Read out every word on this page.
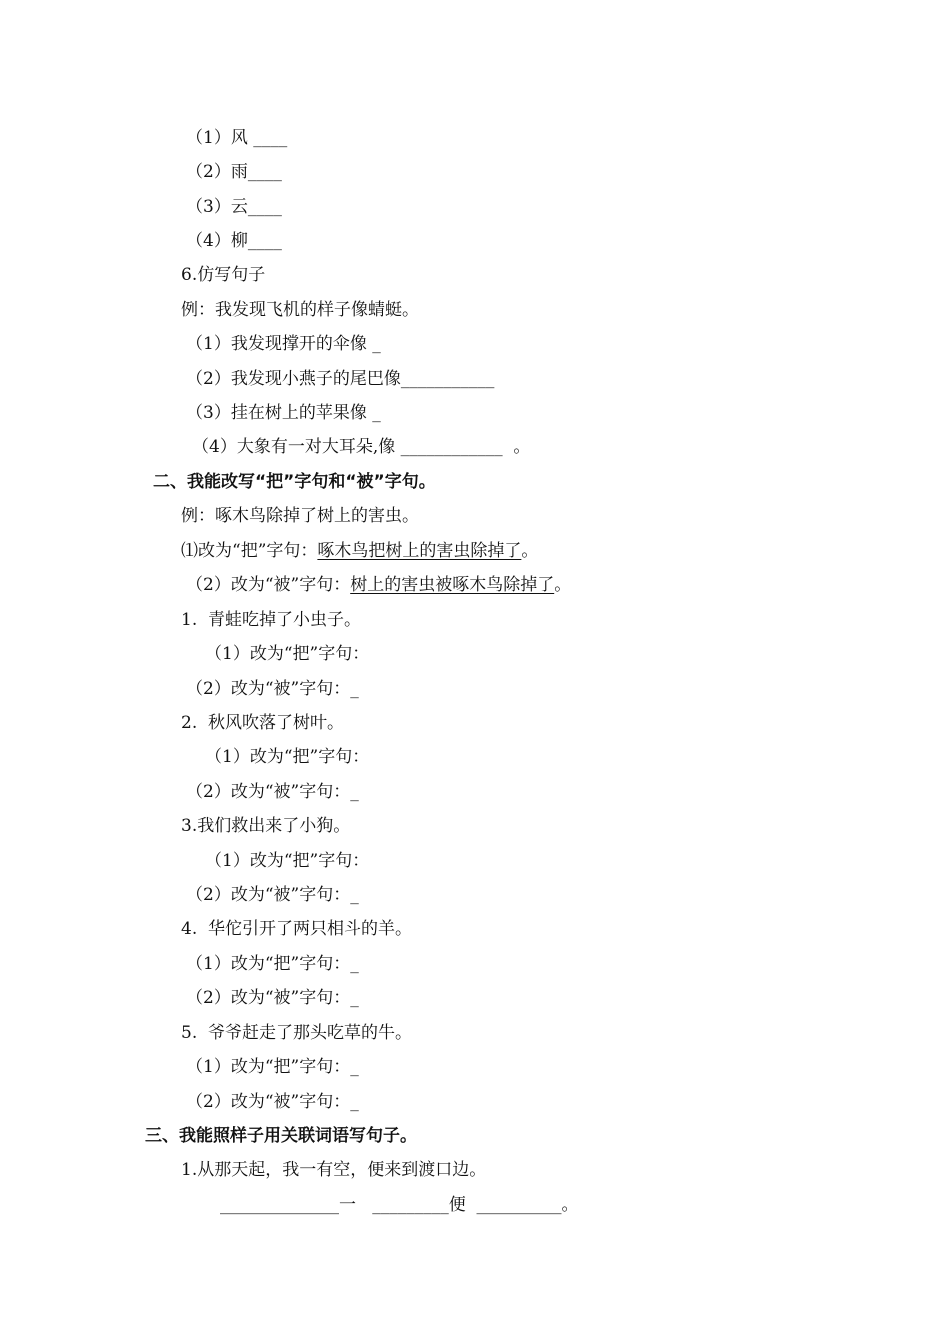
（1）风 ____
（2）雨____
（3）云____
（4）柳____
6.仿写句子
例：我发现飞机的样子像蜻蜓。
（1）我发现撑开的伞像 _
（2）我发现小燕子的尾巴像___________
（3）挂在树上的苹果像 _
（4）大象有一对大耳朵,像 ____________  。
二、我能改写“把”字句和“被”字句。
例：啄木鸟除掉了树上的害虫。
⑴改为“把”字句：啄木鸟把树上的害虫除掉了。
（2）改为“被”字句：树上的害虫被啄木鸟除掉了。
1.  青蛙吃掉了小虫子。
（1）改为“把”字句：
（2）改为“被”字句：_
2.  秋风吹落了树叶。
（1）改为“把”字句：
（2）改为“被”字句：_
3.我们救出来了小狗。
（1）改为“把”字句：
（2）改为“被”字句：_
4.  华佗引开了两只相斗的羊。
（1）改为“把”字句：_
（2）改为“被”字句：_
5.  爷爷赶走了那头吃草的牛。
（1）改为“把”字句：_
（2）改为“被”字句：_
三、我能照样子用关联词语写句子。
1.从那天起，我一有空，便来到渡口边。
______________一   _________便  __________。
